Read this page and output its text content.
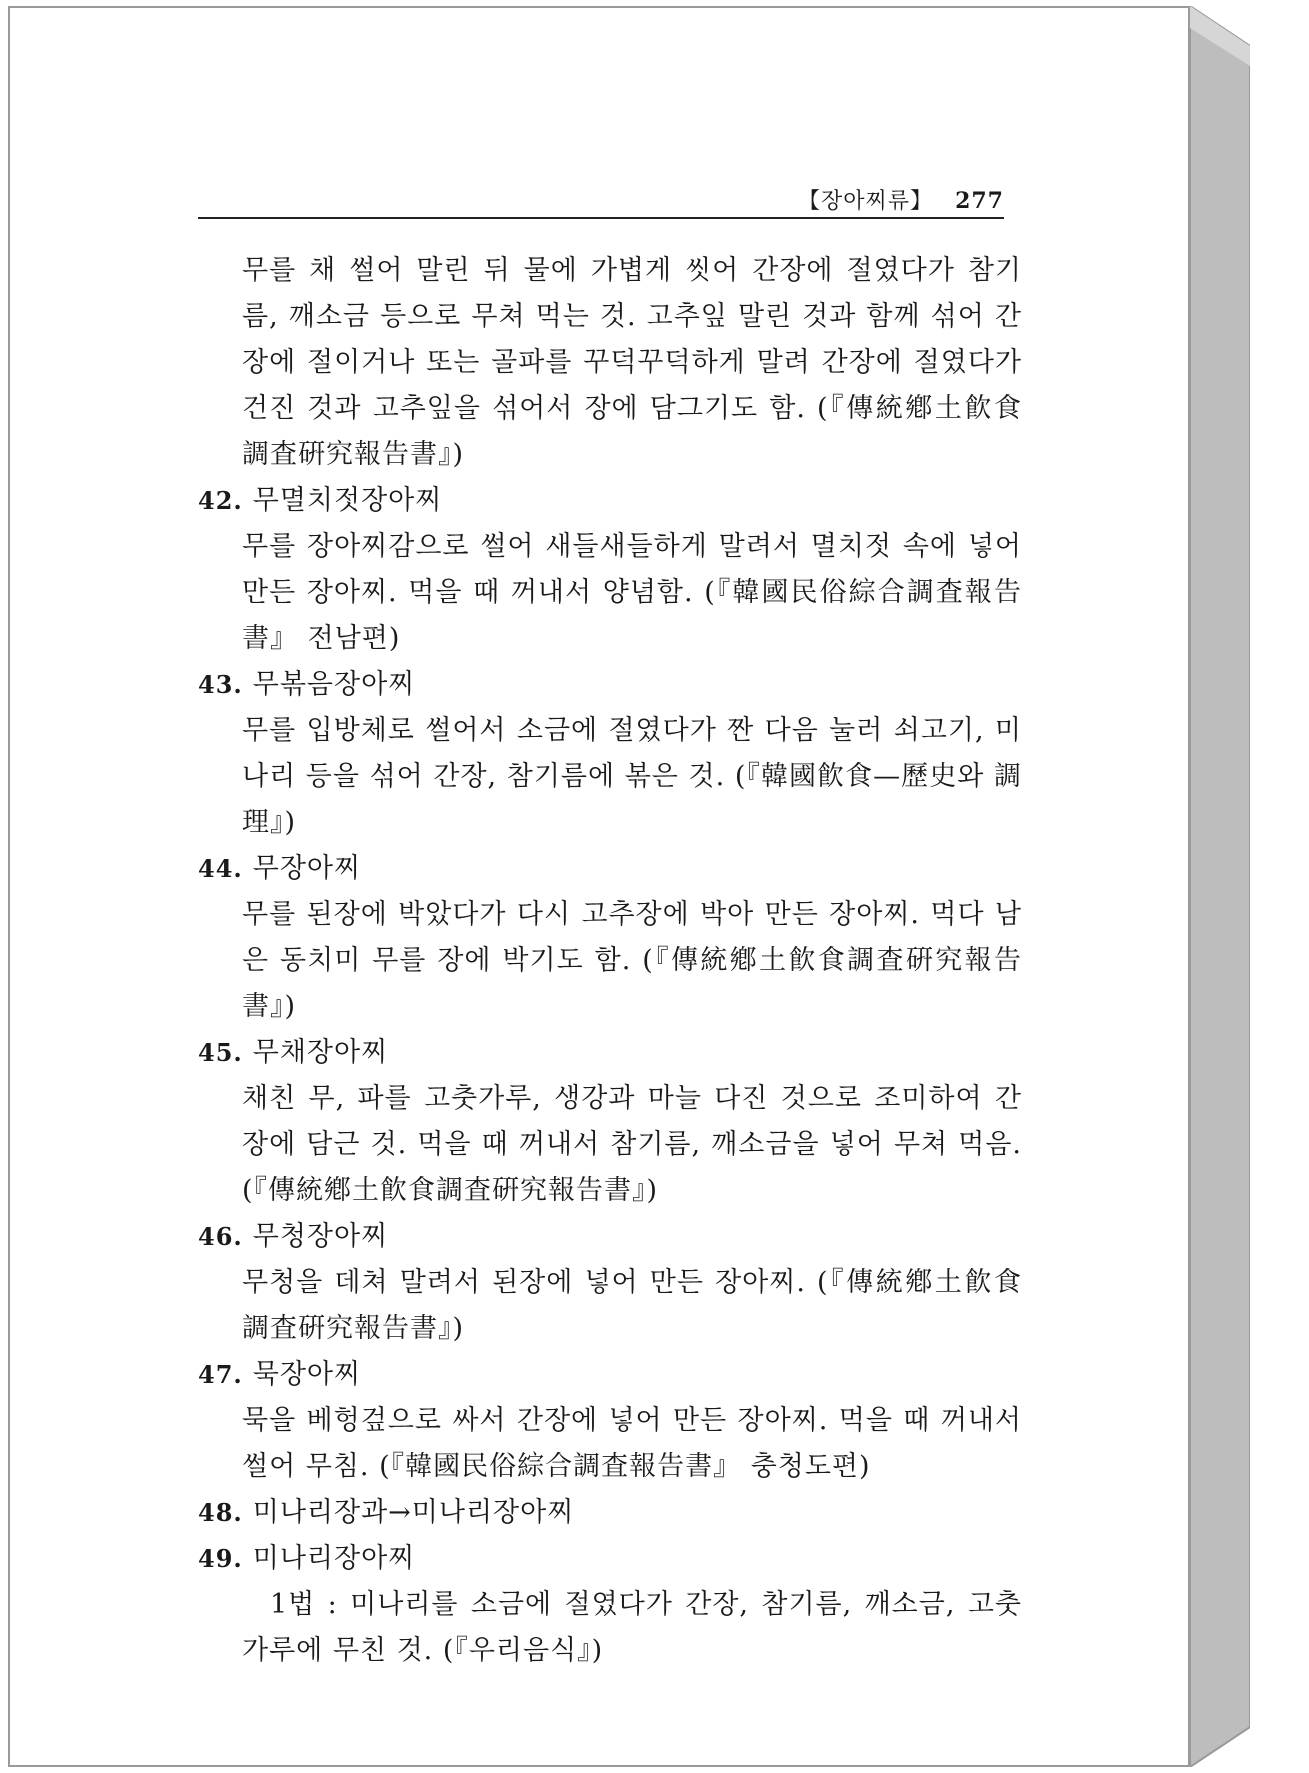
【장아찌류】 277

무를 채 썰어 말린 뒤 물에 가볍게 씻어 간장에 절였다가 참기름, 깨소금 등으로 무쳐 먹는 것. 고추잎 말린 것과 함께 섞어 간장에 절이거나 또는 골파를 꾸덕꾸덕하게 말려 간장에 절였다가 건진 것과 고추잎을 섞어서 장에 담그기도 함. (『傳統鄕土飮食調査硏究報告書』)

42. 무멸치젓장아찌

무를 장아찌감으로 썰어 새들새들하게 말려서 멸치젓 속에 넣어 만든 장아찌. 먹을 때 꺼내서 양념함. (『韓國民俗綜合調査報告書』 전남편)

43. 무볶음장아찌

무를 입방체로 썰어서 소금에 절였다가 짠 다음 눌러 쇠고기, 미나리 등을 섞어 간장, 참기름에 볶은 것. (『韓國飮食—歷史와 調理』)

44. 무장아찌

무를 된장에 박았다가 다시 고추장에 박아 만든 장아찌. 먹다 남은 동치미 무를 장에 박기도 함. (『傳統鄕土飮食調査硏究報告書』)

45. 무채장아찌

채친 무, 파를 고춧가루, 생강과 마늘 다진 것으로 조미하여 간장에 담근 것. 먹을 때 꺼내서 참기름, 깨소금을 넣어 무쳐 먹음. (『傳統鄕土飮食調査硏究報告書』)

46. 무청장아찌

무청을 데쳐 말려서 된장에 넣어 만든 장아찌. (『傳統鄕土飮食調査硏究報告書』)

47. 묵장아찌

묵을 베헝겊으로 싸서 간장에 넣어 만든 장아찌. 먹을 때 꺼내서 썰어 무침. (『韓國民俗綜合調査報告書』 충청도편)

48. 미나리장과→미나리장아찌

49. 미나리장아찌

1법 : 미나리를 소금에 절였다가 간장, 참기름, 깨소금, 고춧가루에 무친 것. (『우리음식』)
